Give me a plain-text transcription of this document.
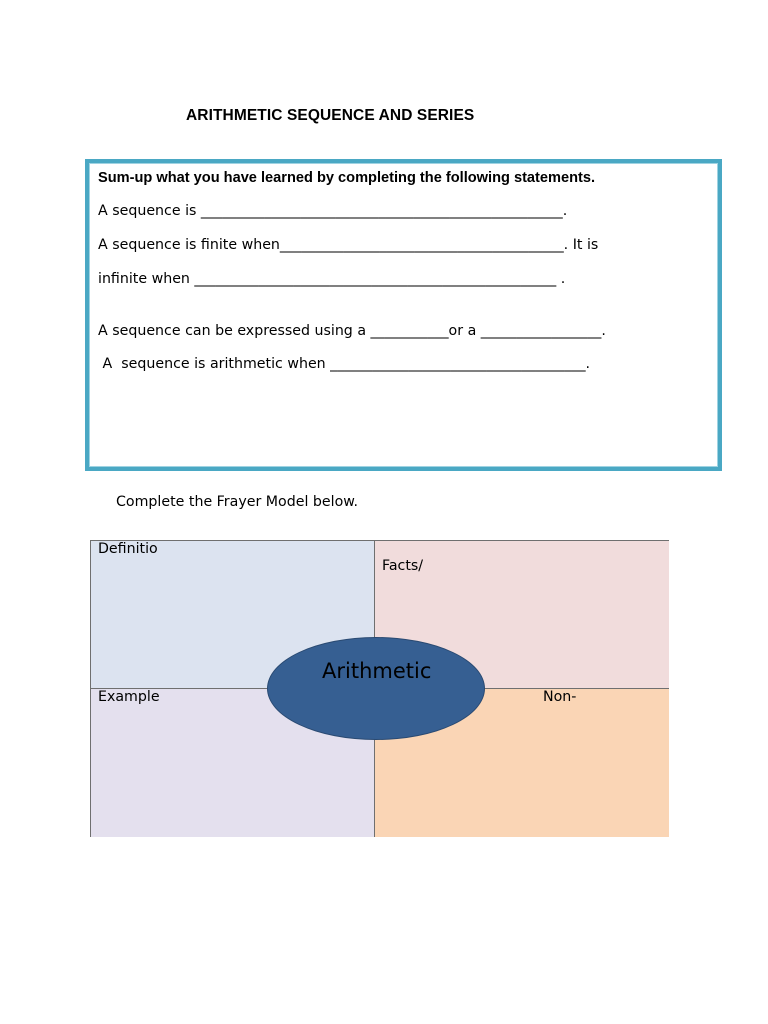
ARITHMETIC SEQUENCE AND SERIES
Sum-up what you have learned by completing the following statements.
A sequence is ___________________________________________________.
A sequence is finite when________________________________________. It is
infinite when ___________________________________________________ .
A sequence can be expressed using a ___________or a _________________.
A  sequence is arithmetic when ____________________________________.
Complete the Frayer Model below.
Definitio
Facts/
Example	Non-
Arithmetic
